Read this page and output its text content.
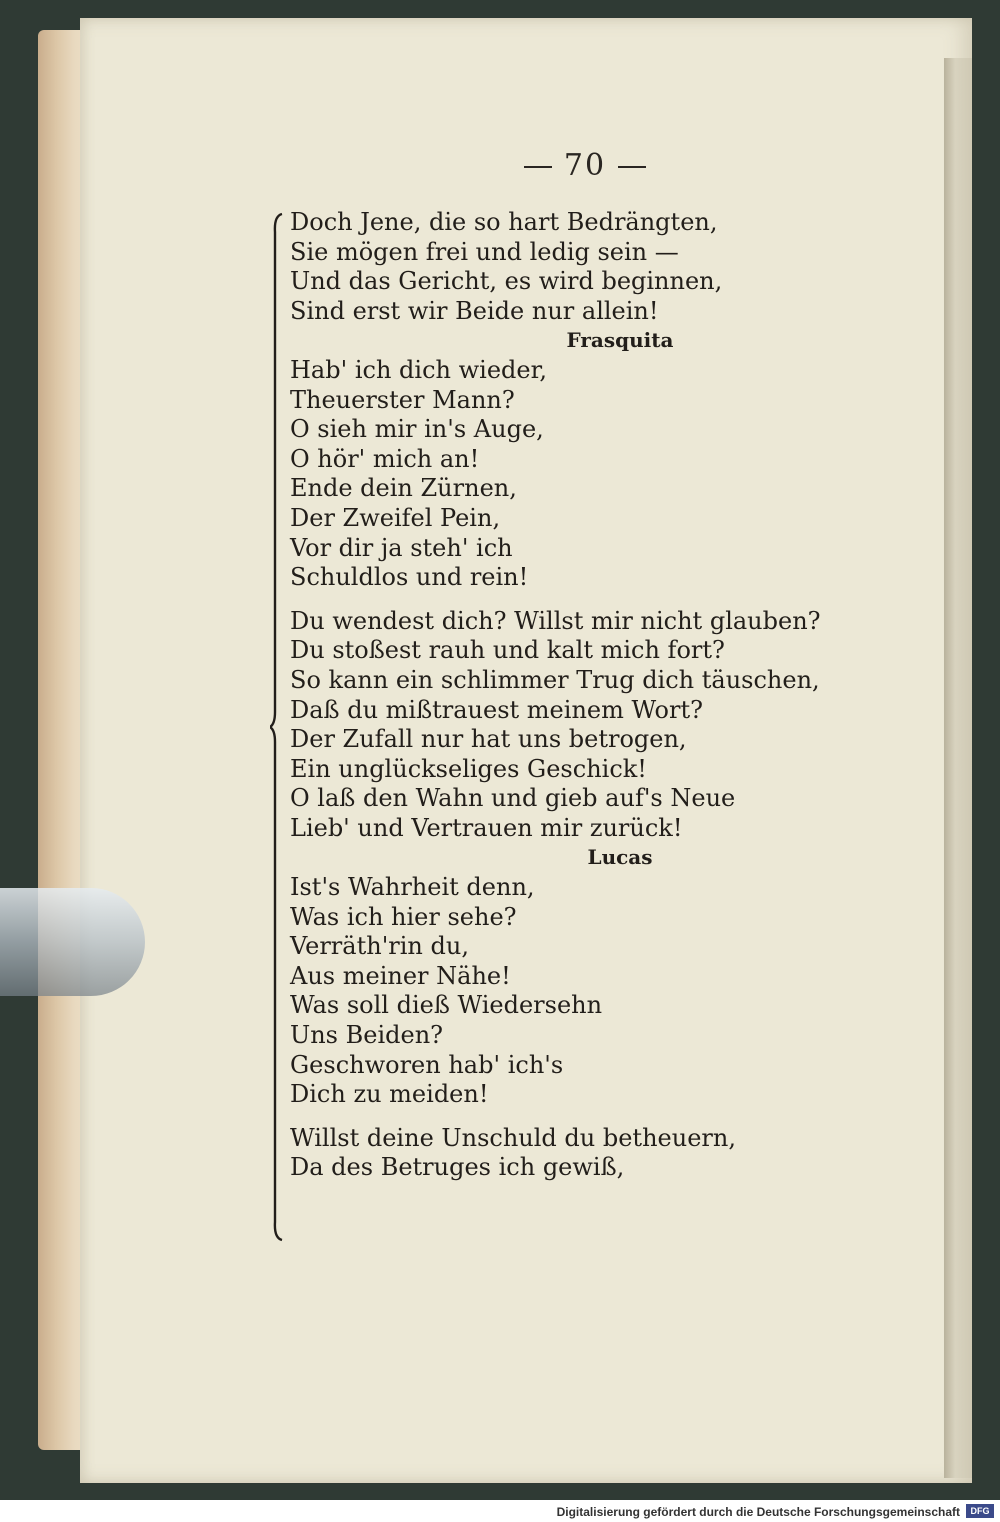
70
Doch Jene, die so hart Bedrängten,
Sie mögen frei und ledig sein —
Und das Gericht, es wird beginnen,
Sind erst wir Beide nur allein!
Frasquita
Hab' ich dich wieder,
Theuerster Mann?
O sieh mir in's Auge,
O hör' mich an!
Ende dein Zürnen,
Der Zweifel Pein,
Vor dir ja steh' ich
Schuldlos und rein!
Du wendest dich? Willst mir nicht glauben?
Du stoßest rauh und kalt mich fort?
So kann ein schlimmer Trug dich täuschen,
Daß du mißtrauest meinem Wort?
Der Zufall nur hat uns betrogen,
Ein unglückseliges Geschick!
O laß den Wahn und gieb auf's Neue
Lieb' und Vertrauen mir zurück!
Lucas
Ist's Wahrheit denn,
Was ich hier sehe?
Verräth'rin du,
Aus meiner Nähe!
Was soll dieß Wiedersehn
Uns Beiden?
Geschworen hab' ich's
Dich zu meiden!
Willst deine Unschuld du betheuern,
Da des Betruges ich gewiß,
Digitalisierung gefördert durch die Deutsche Forschungsgemeinschaft	DFG
